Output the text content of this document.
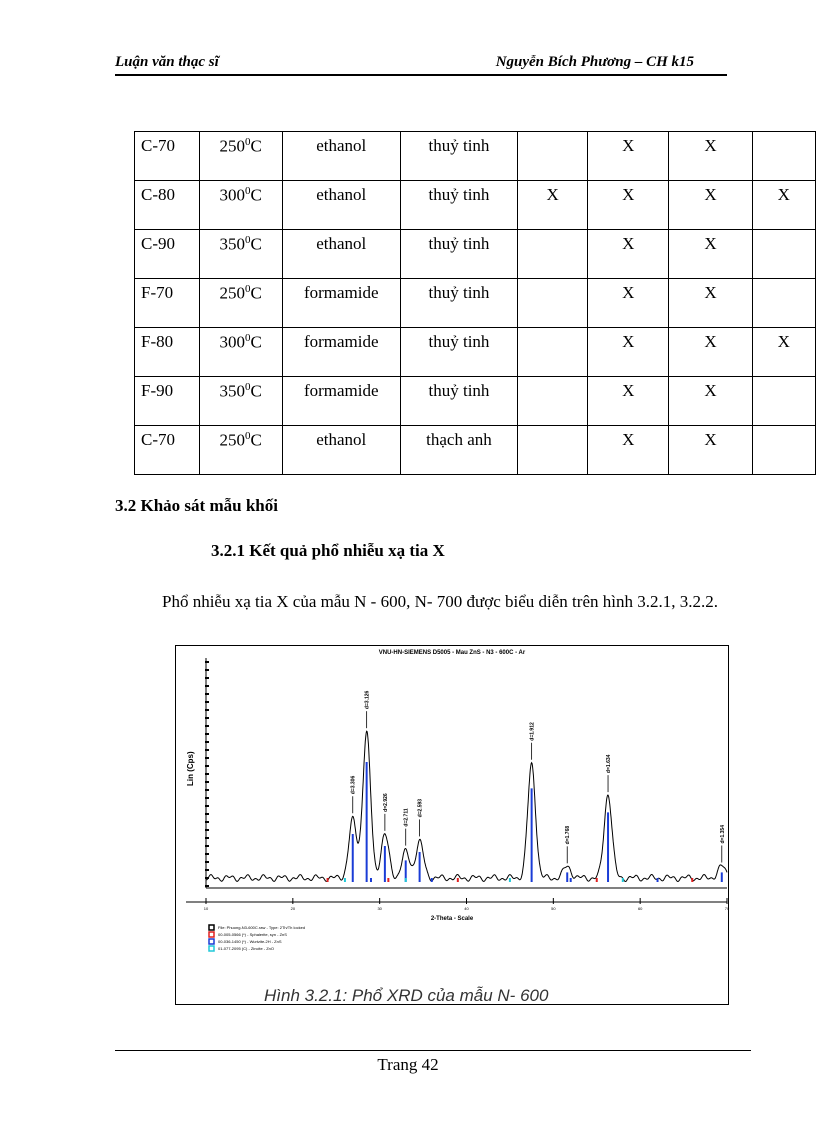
Luận văn thạc sĩ	Nguyễn Bích Phương – CH k15
C-70	$250^0C$	ethanol	thuỷ tinh		X	X	
C-80	$300^0C$	ethanol	thuỷ tinh	X	X	X	X
C-90	$350^0C$	ethanol	thuỷ tinh		X	X	
F-70	$250^0C$	formamide	thuỷ tinh		X	X	
F-80	$300^0C$	formamide	thuỷ tinh		X	X	X
F-90	$350^0C$	formamide	thuỷ tinh		X	X	
C-70	$250^0C$	ethanol	thạch anh		X	X	
3.2 Khảo sát mẫu khối
3.2.1 Kết quả phổ nhiễu xạ tia X
Phổ nhiễu xạ tia X của mẫu N - 600, N- 700 được biểu diễn trên hình 3.2.1, 3.2.2.
VNU-HN-SIEMENS D5005 - Mau ZnS - N3 - 600C - Ar
Lin (Cps)
10	20	30	40	50	60	70
2-Theta - Scale
d=3.306
d=3.126
d=2.926
d=2.711
d=2.593
d=1.912
d=1.768
d=1.634
d=1.354
File: Phuong-N3-600C.raw - Type: 2Th/Th locked
00-005-0566 (*) - Sphalerite, syn - ZnS
00-036-1450 (*) - Wurtzite-2H - ZnS
01-077-2095 (C) - Zincite - ZnO
Hình 3.2.1: Phổ XRD của mẫu N- 600
Trang 42
